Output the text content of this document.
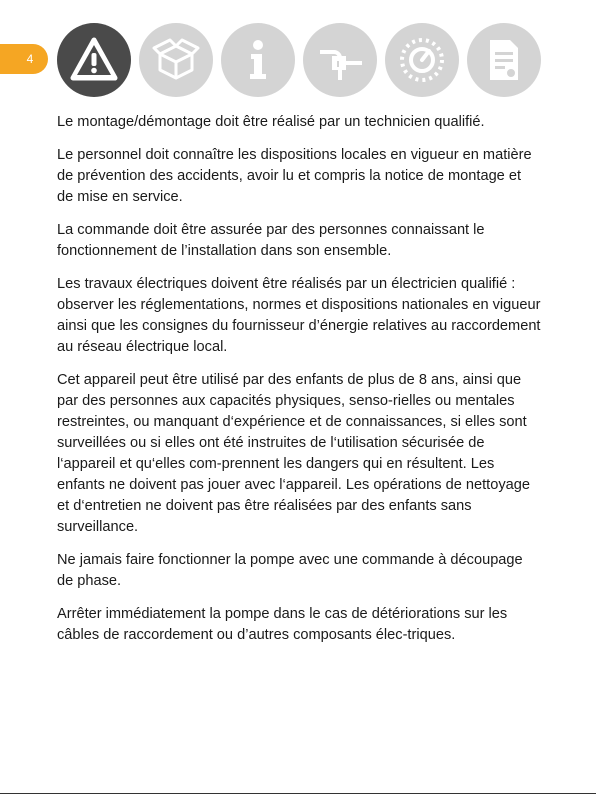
4

Le montage/démontage doit être réalisé par un technicien qualifié.

Le personnel doit connaître les dispositions locales en vigueur en matière de prévention des accidents, avoir lu et compris la notice de montage et de mise en service.

La commande doit être assurée par des personnes connaissant le fonctionnement de l’installation dans son ensemble.

Les travaux électriques doivent être réalisés par un électricien qualifié : observer les réglementations, normes et dispositions nationales en vigueur ainsi que les consignes du fournisseur d’énergie relatives au raccordement au réseau électrique local.

Cet appareil peut être utilisé par des enfants de plus de 8 ans, ainsi que par des personnes aux capacités physiques, senso-rielles ou mentales restreintes, ou manquant d‘expérience et de connaissances, si elles sont surveillées ou si elles ont été instruites de l‘utilisation sécurisée de l‘appareil et qu‘elles com-prennent les dangers qui en résultent. Les enfants ne doivent pas jouer avec l‘appareil. Les opérations de nettoyage et d‘entretien ne doivent pas être réalisées par des enfants sans surveillance.

Ne jamais faire fonctionner la pompe avec une commande à découpage de phase.

Arrêter immédiatement la pompe dans le cas de détériorations sur les câbles de raccordement ou d’autres composants élec-triques.
